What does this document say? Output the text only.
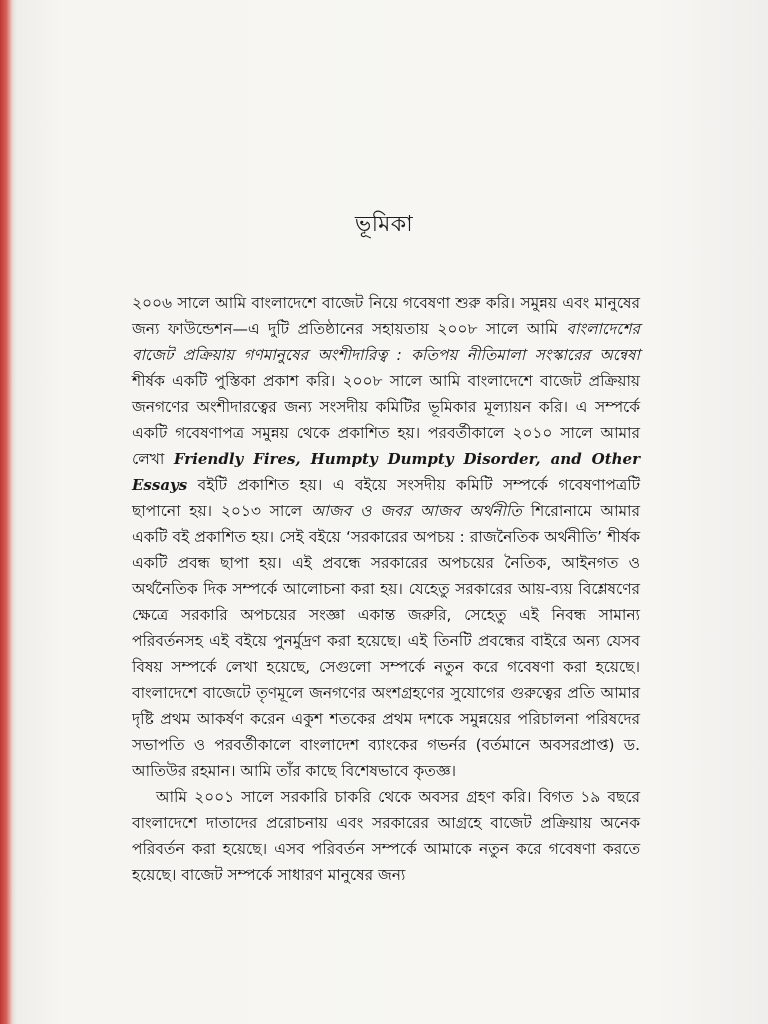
ভূমিকা

২০০৬ সালে আমি বাংলাদেশে বাজেট নিয়ে গবেষণা শুরু করি। সমুন্নয় এবং মানুষের জন্য ফাউন্ডেশন—এ দুটি প্রতিষ্ঠানের সহায়তায় ২০০৮ সালে আমি বাংলাদেশের বাজেট প্রক্রিয়ায় গণমানুষের অংশীদারিত্ব : কতিপয় নীতিমালা সংস্কারের অন্বেষা শীর্ষক একটি পুস্তিকা প্রকাশ করি। ২০০৮ সালে আমি বাংলাদেশে বাজেট প্রক্রিয়ায় জনগণের অংশীদারত্বের জন্য সংসদীয় কমিটির ভূমিকার মূল্যায়ন করি। এ সম্পর্কে একটি গবেষণাপত্র সমুন্নয় থেকে প্রকাশিত হয়। পরবর্তীকালে ২০১০ সালে আমার লেখা Friendly Fires, Humpty Dumpty Disorder, and Other Essays বইটি প্রকাশিত হয়। এ বইয়ে সংসদীয় কমিটি সম্পর্কে গবেষণাপত্রটি ছাপানো হয়। ২০১৩ সালে আজব ও জবর আজব অর্থনীতি শিরোনামে আমার একটি বই প্রকাশিত হয়। সেই বইয়ে ‘সরকারের অপচয় : রাজনৈতিক অর্থনীতি’ শীর্ষক একটি প্রবন্ধ ছাপা হয়। এই প্রবন্ধে সরকারের অপচয়ের নৈতিক, আইনগত ও অর্থনৈতিক দিক সম্পর্কে আলোচনা করা হয়। যেহেতু সরকারের আয়-ব্যয় বিশ্লেষণের ক্ষেত্রে সরকারি অপচয়ের সংজ্ঞা একান্ত জরুরি, সেহেতু এই নিবন্ধ সামান্য পরিবর্তনসহ এই বইয়ে পুনর্মুদ্রণ করা হয়েছে। এই তিনটি প্রবন্ধের বাইরে অন্য যেসব বিষয় সম্পর্কে লেখা হয়েছে, সেগুলো সম্পর্কে নতুন করে গবেষণা করা হয়েছে। বাংলাদেশে বাজেটে তৃণমূলে জনগণের অংশগ্রহণের সুযোগের গুরুত্বের প্রতি আমার দৃষ্টি প্রথম আকর্ষণ করেন একুশ শতকের প্রথম দশকে সমুন্নয়ের পরিচালনা পরিষদের সভাপতি ও পরবর্তীকালে বাংলাদেশ ব্যাংকের গভর্নর (বর্তমানে অবসরপ্রাপ্ত) ড. আতিউর রহমান। আমি তাঁর কাছে বিশেষভাবে কৃতজ্ঞ।

আমি ২০০১ সালে সরকারি চাকরি থেকে অবসর গ্রহণ করি। বিগত ১৯ বছরে বাংলাদেশে দাতাদের প্ররোচনায় এবং সরকারের আগ্রহে বাজেট প্রক্রিয়ায় অনেক পরিবর্তন করা হয়েছে। এসব পরিবর্তন সম্পর্কে আমাকে নতুন করে গবেষণা করতে হয়েছে। বাজেট সম্পর্কে সাধারণ মানুষের জন্য
